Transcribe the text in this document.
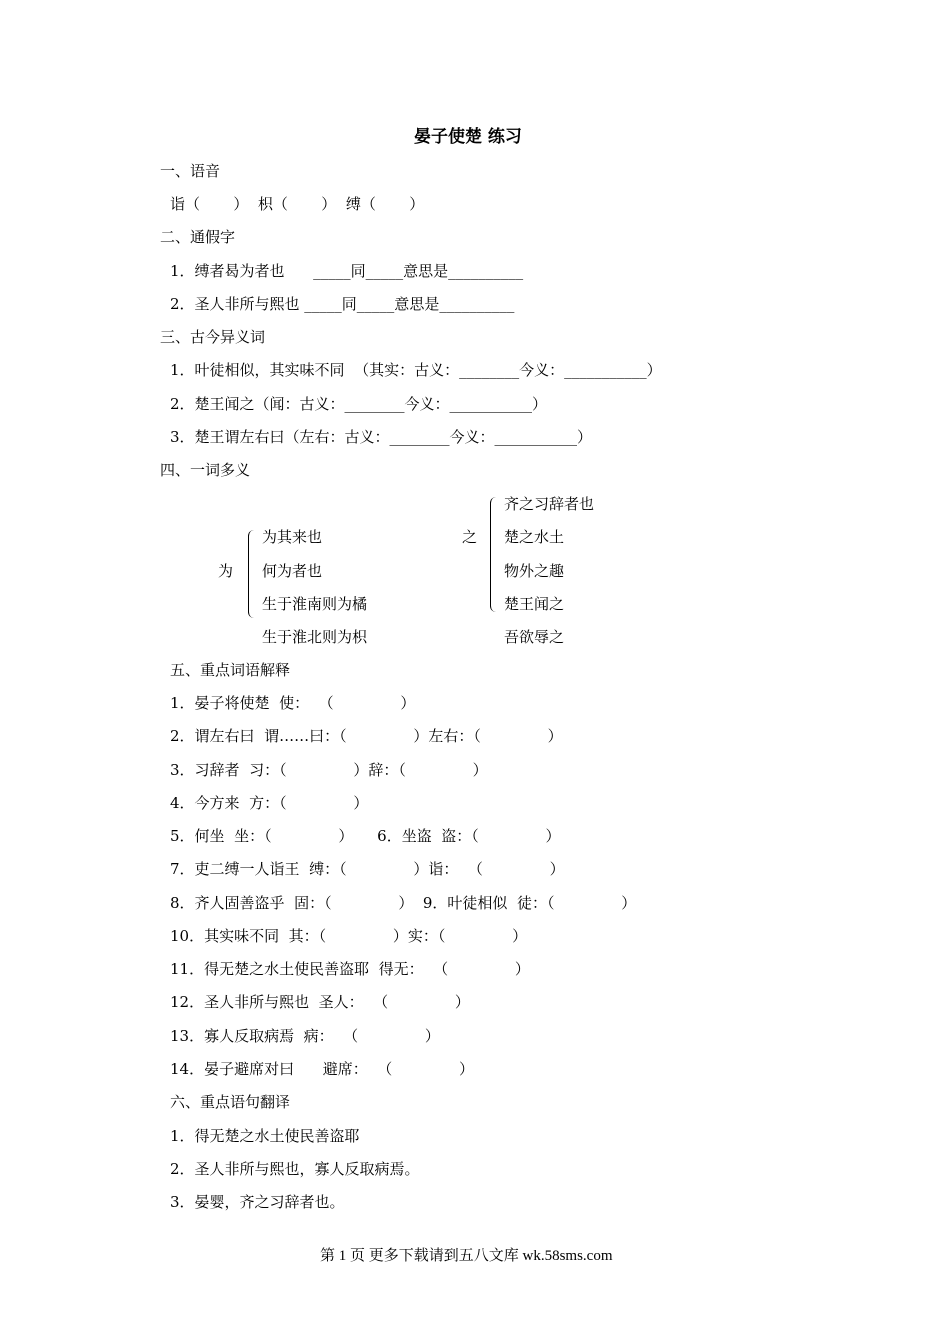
晏子使楚 练习
一、语音
诣（       ）  枳（       ）  缚（       ）
二、通假字
1．缚者曷为者也      _____同_____意思是__________
2．圣人非所与熙也 _____同_____意思是__________
三、古今异义词
1．叶徒相似，其实味不同  （其实：古义：________今义：___________）
2．楚王闻之（闻：古义：________今义：___________）
3．楚王谓左右曰（左右：古义：________今义：___________）
四、一词多义
为
为其来也
何为者也
生于淮南则为橘
生于淮北则为枳
之
齐之习辞者也
楚之水土
物外之趣
楚王闻之
吾欲辱之
五、重点词语解释
1．晏子将使楚  使：  （              ）
2．谓左右曰  谓……曰：（              ）左右：（              ）
3．习辞者  习：（              ）辞：（              ）
4．今方来  方：（              ）
5．何坐  坐：（              ）     6．坐盗  盗：（              ）
7．吏二缚一人诣王  缚：（              ）诣：  （              ）
8．齐人固善盗乎  固：（              ）  9．叶徒相似  徒：（              ）
10．其实味不同  其：（              ）实：（              ）
11．得无楚之水土使民善盗耶  得无：  （              ）
12．圣人非所与熙也  圣人：  （              ）
13．寡人反取病焉  病：  （              ）
14．晏子避席对曰      避席：  （              ）
六、重点语句翻译
1．得无楚之水土使民善盗耶
2．圣人非所与熙也，寡人反取病焉。
3．晏婴，齐之习辞者也。
第 1 页 更多下载请到五八文库 wk.58sms.com
